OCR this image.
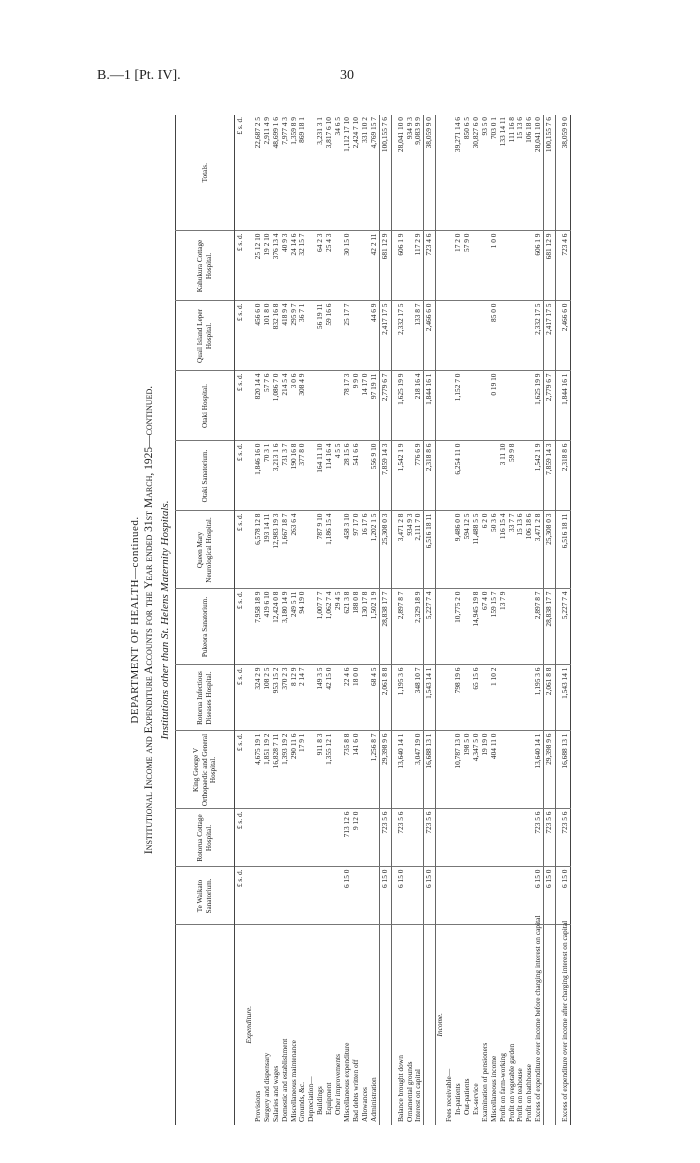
B.—1 [Pt. IV].	30
DEPARTMENT OF HEALTH—continued. Institutional Income and Expenditure Accounts for the Year ended 31st March, 1925—continued. Institutions other than St. Helens Maternity Hospitals.
	Te Waikato Sanatorium.	Rotorua Cottage Hospital.	King George V Orthopaedic and General Hospital.	Rotorua Infectious Diseases Hospital.	Pukeora Sanatorium.	Queen Mary Neurological Hospital.	Otaki Sanatorium.	Otaki Hospital.	Quail Island Leper Hospital.	Kahukura Cottage Hospital.	Totals.
	£ s. d.	£ s. d.	£ s. d.	£ s. d.	£ s. d.	£ s. d.	£ s. d.	£ s. d.	£ s. d.	£ s. d.	£ s. d.
Expenditure.											
Provisions			4,675 19 1	324 2 9	7,958 18 9	6,578 12 8	1,846 16 0	820 14 4	456 6 0	25 12 10	22,687 2 5
Surgery and dispensary			1,851 19 2	108 2 5	419 6 10	193 14 11	70 3 1	57 7 6	101 8 0	19 2 10	2,911 4 9
Salaries and wages			16,828 7 11	953 15 2	12,424 0 8	12,983 19 3	3,213 1 6	1,086 7 0	832 16 8	376 13 4	48,699 1 6
Domestic and establishment			1,393 19 2	370 2 3	3,180 14 9	1,667 18 7	731 3 7	214 5 4	418 9 4	40 9 3	7,977 4 3
Miscellaneous maintenance			290 11 6	8 12 9	249 5 11	263 6 4	190 16 8	3 0 6	295 9 7	24 14 6	1,359 8 9
Grounds, &c.			17 9 1	2 14 7	94 19 0		377 8 0	308 4 9	36 7 1	32 15 7	869 18 1
Depreciation—											
Buildings			911 8 3	149 3 5	1,007 7 7	787 9 10	164 11 10		56 19 11	64 2 3	3,231 3 1
Equipment			1,355 12 1	42 15 0	1,062 7 4	1,186 15 4	114 16 4		59 16 6	25 4 3	3,817 6 10
Other improvements					29 4 5		4 5 5				34 6 5
Miscellaneous expenditure	6 15 0	713 12 6	735 8 8	22 4 6	621 3 8	458 3 10	28 15 6	78 17 3	25 17 7	30 15 0	1,112 17 10
Bad debts written off		9 12 0	141 6 0	18 0 0	188 0 8	97 17 0	541 6 6	9 9 0			2,424 7 10
Allowances					130 17 8	16 17 6		14 17 0			331 10 2
Administration			1,256 8 7	68 4 5	1,502 1 9	1,202 1 5	556 9 10	97 19 11	44 6 9	42 2 11	4,769 15 7
	6 15 0	723 5 6	29,398 9 6	2,061 8 8	28,838 17 7	25,308 0 3	7,859 14 3	2,779 6 7	2,417 17 5	681 12 9	100,155 7 6

Balance brought down	6 15 0	723 5 6	13,640 14 1	1,195 3 6	2,897 8 7	3,471 2 8	1,542 1 9	1,625 19 9	2,332 17 5	606 1 9	28,041 10 0
Ornamental grounds						934 9 3					934 9 3
Interest on capital			3,047 19 0	348 10 7	2,329 18 9	2,111 7 0	776 6 9	218 16 4	133 8 7	117 2 9	9,083 9 9
	6 15 0	723 5 6	16,688 13 1	1,543 14 1	5,227 7 4	6,516 18 11	2,318 8 6	1,844 16 1	2,466 6 0	723 4 6	38,059 9 0
Income.											
Fees receivable—											
In-patients			10,787 13 0	798 19 6	10,775 2 0	9,486 0 0	6,254 11 0	1,152 7 0		17 2 0	39,271 14 6
Out-patients			198 5 0			594 12 5				57 9 0	850 6 5
Ex-service			4,347 5 0	65 15 6	14,945 19 8	11,488 5 5					30,827 6 0
Examination of pensioners			19 19 0		67 4 0	6 2 0					93 5 0
Miscellaneous income			404 11 0	1 10 2	159 15 7	50 3 6		0 19 10	85 0 0	1 0 0	703 0 1
Profit on farm-working					13 7 9	116 15 4	3 11 10				133 14 11
Profit on vegetable garden						33 7 7	59 9 8				111 16 8
Profit on teahouse						15 13 6					15 13 6
Profit on bathhouse						106 18 6					106 18 6
Excess of expenditure over income before charging interest on capital	6 15 0	723 5 6	13,640 14 1	1,195 3 6	2,897 8 7	3,471 2 8	1,542 1 9	1,625 19 9	2,332 17 5	606 1 9	28,041 10 0
	6 15 0	723 5 6	29,398 9 6	2,061 8 8	28,838 17 7	25,308 0 3	7,859 14 3	2,779 6 7	2,417 17 5	681 12 9	100,155 7 6

Excess of expenditure over income after charging interest on capital	6 15 0	723 5 6	16,688 13 1	1,543 14 1	5,227 7 4	6,516 18 11	2,318 8 6	1,844 16 1	2,466 6 0	723 4 6	38,059 9 0
